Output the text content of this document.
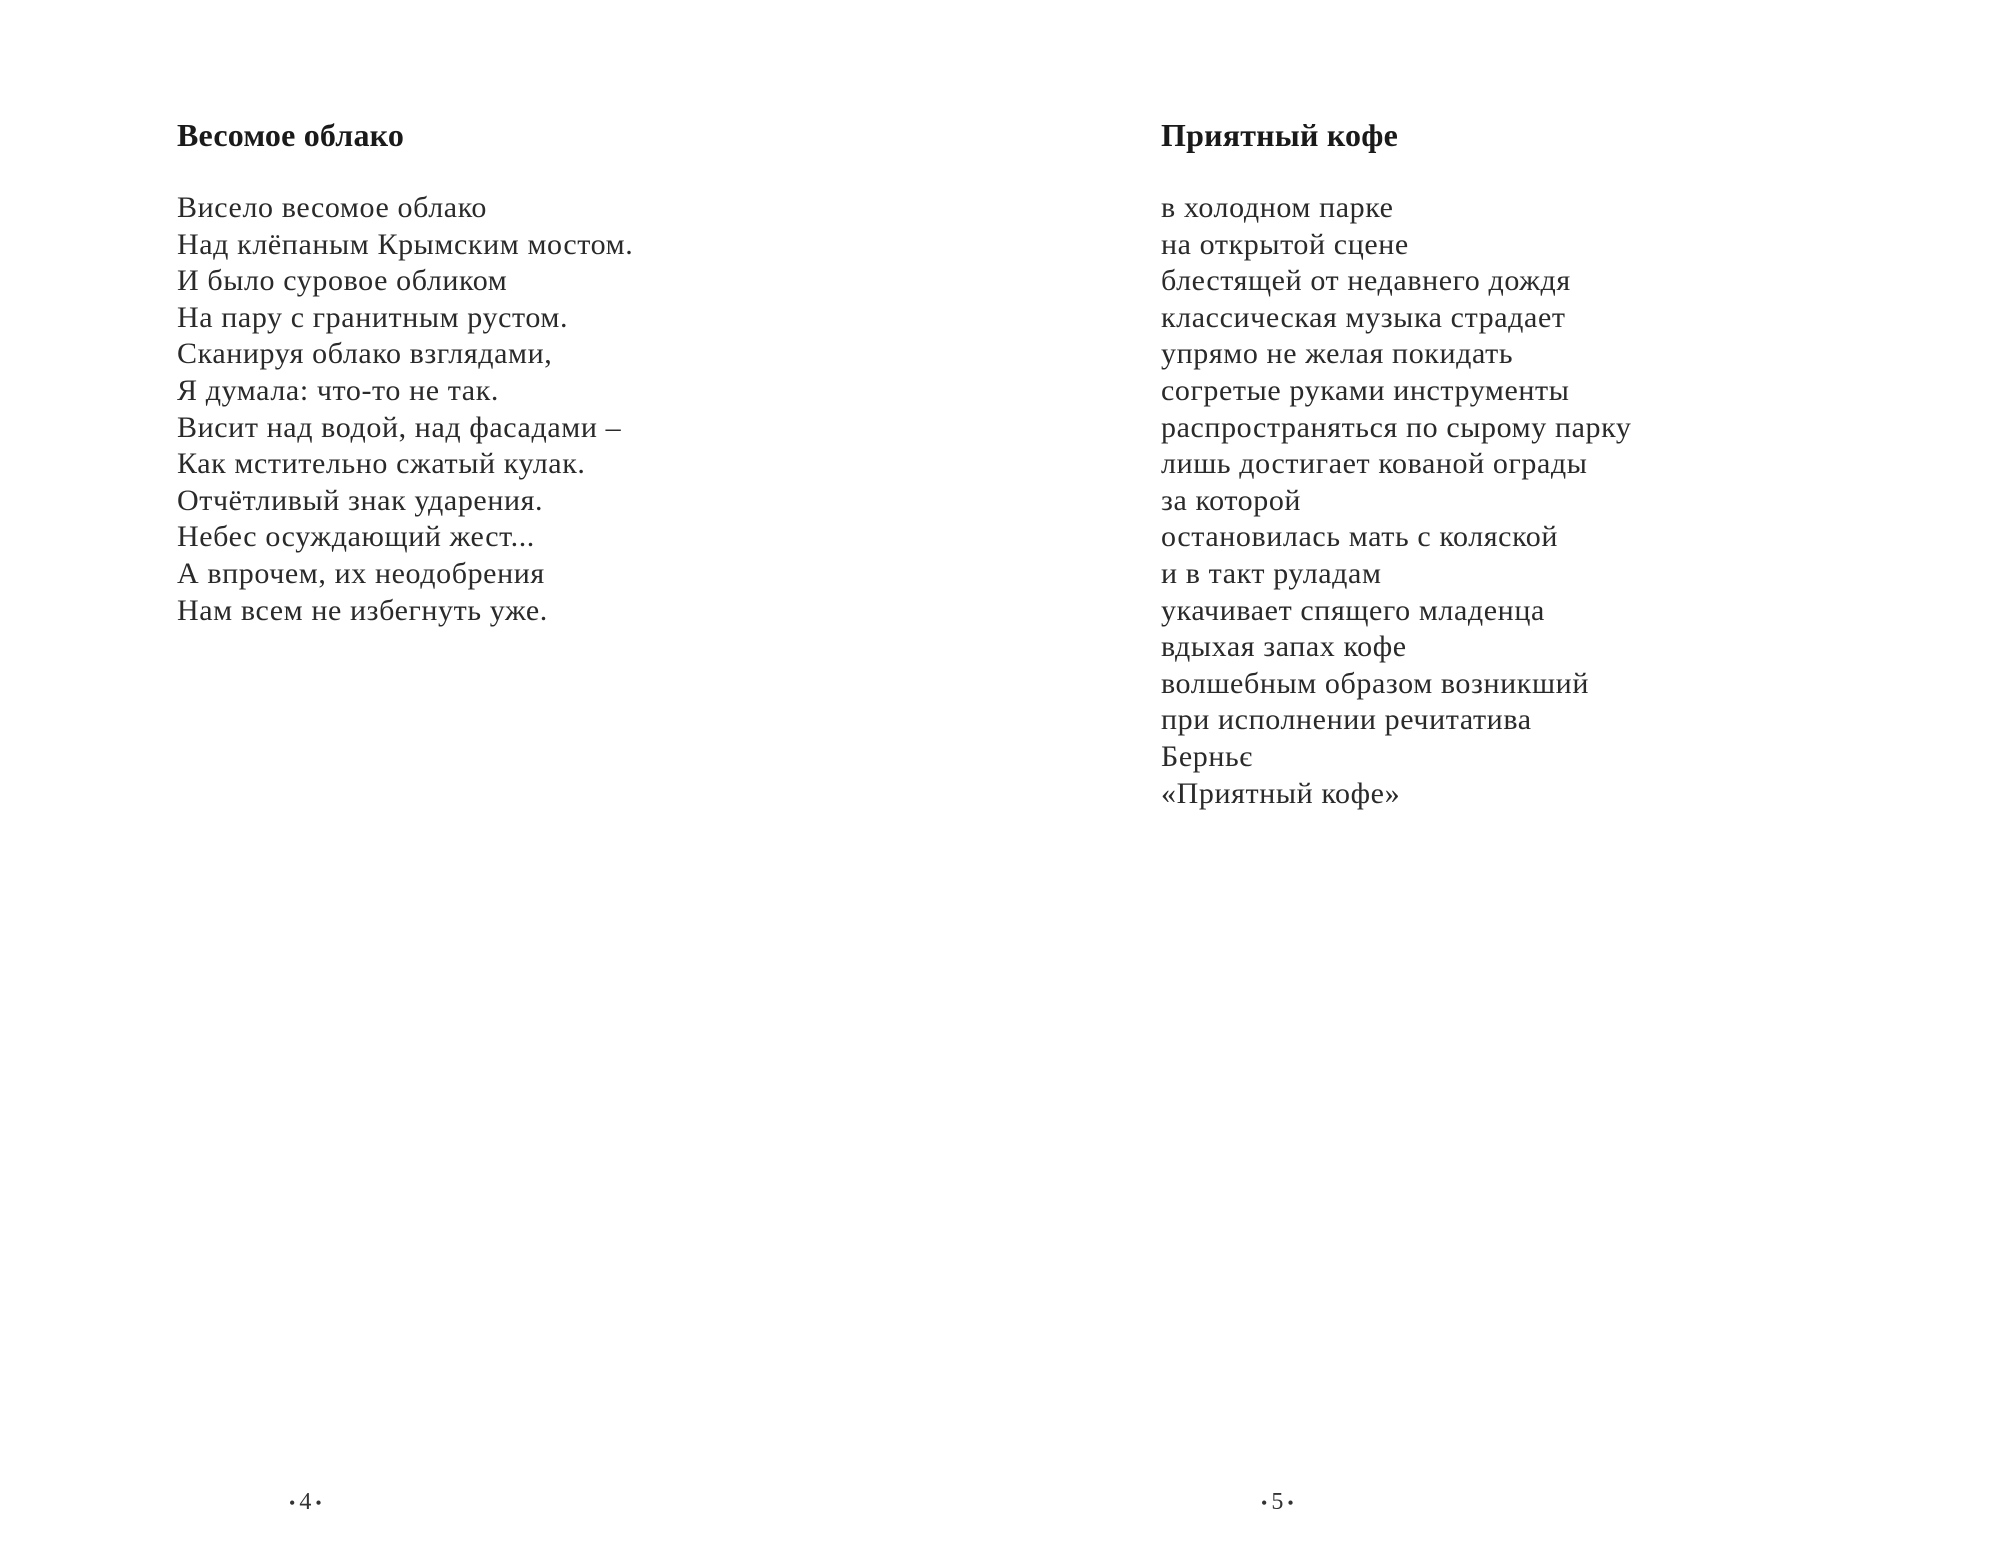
Весомое облако
Висело весомое облако
Над клёпаным Крымским мостом.
И было суровое обликом
На пару с гранитным рустом.
Сканируя облако взглядами,
Я думала: что-то не так.
Висит над водой, над фасадами –
Как мстительно сжатый кулак.
Отчётливый знак ударения.
Небес осуждающий жест...
А впрочем, их неодобрения
Нам всем не избегнуть уже.
• 4 •
Приятный кофе
в холодном парке
на открытой сцене
блестящей от недавнего дождя
классическая музыка страдает
упрямо не желая покидать
согретые руками инструменты
распространяться по сырому парку
лишь достигает кованой ограды
за которой
остановилась мать с коляской
и в такт руладам
укачивает спящего младенца
вдыхая запах кофе
волшебным образом возникший
при исполнении речитатива
Берньє
«Приятный кофе»
• 5 •
